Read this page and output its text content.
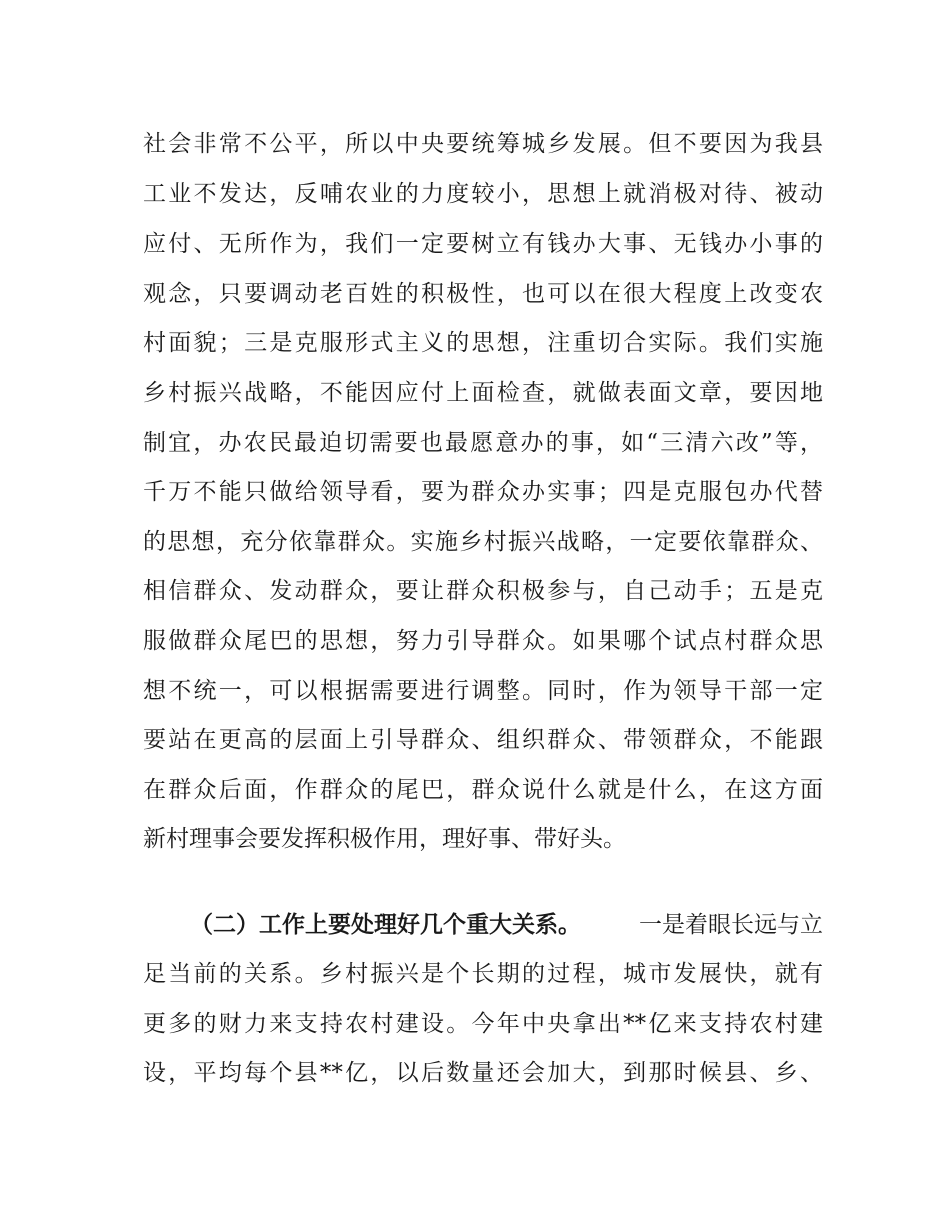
社会非常不公平，所以中央要统筹城乡发展。但不要因为我县
工业不发达，反哺农业的力度较小，思想上就消极对待、被动
应付、无所作为，我们一定要树立有钱办大事、无钱办小事的
观念，只要调动老百姓的积极性，也可以在很大程度上改变农
村面貌；三是克服形式主义的思想，注重切合实际。我们实施
乡村振兴战略，不能因应付上面检查，就做表面文章，要因地
制宜，办农民最迫切需要也最愿意办的事，如“三清六改”等，
千万不能只做给领导看，要为群众办实事；四是克服包办代替
的思想，充分依靠群众。实施乡村振兴战略，一定要依靠群众、
相信群众、发动群众，要让群众积极参与，自己动手；五是克
服做群众尾巴的思想，努力引导群众。如果哪个试点村群众思
想不统一，可以根据需要进行调整。同时，作为领导干部一定
要站在更高的层面上引导群众、组织群众、带领群众，不能跟
在群众后面，作群众的尾巴，群众说什么就是什么，在这方面
新村理事会要发挥积极作用，理好事、带好头。
（二）工作上要处理好几个重大关系。	一是着眼长远与立
足当前的关系。乡村振兴是个长期的过程，城市发展快，就有
更多的财力来支持农村建设。今年中央拿出**亿来支持农村建
设，平均每个县**亿，以后数量还会加大，到那时候县、乡、
